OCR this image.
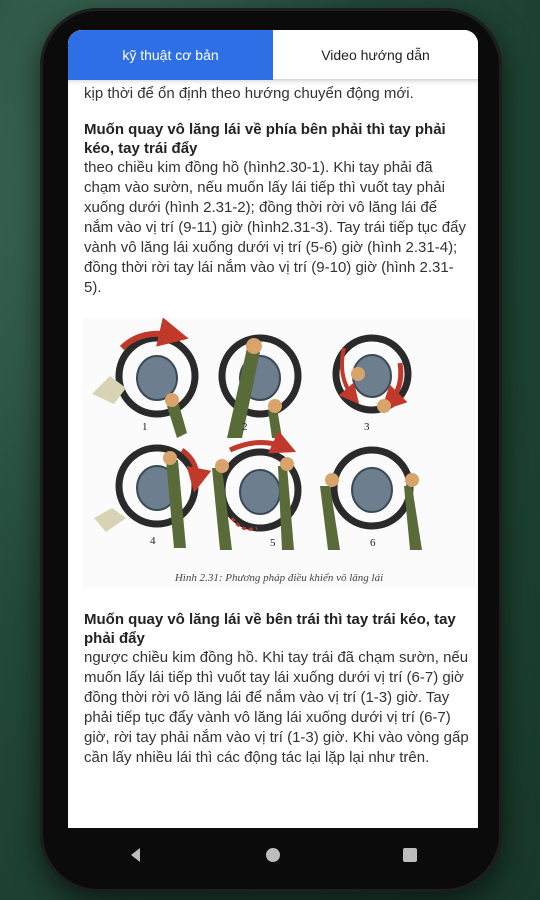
kỹ thuật cơ bản	Video hướng dẫn

kịp thời để ổn định theo hướng chuyển động mới.

Muốn quay vô lăng lái về phía bên phải thì tay phải kéo, tay trái đẩy

theo chiều kim đồng hồ (hình2.30-1). Khi tay phải đã chạm vào sườn, nếu muốn lấy lái tiếp thì vuốt tay phải xuống dưới (hình 2.31-2); đồng thời rời vô lăng lái để nắm vào vị trí (9-11) giờ (hình2.31-3). Tay trái tiếp tục đẩy vành vô lăng lái xuống dưới vị trí (5-6) giờ (hình 2.31-4); đồng thời rời tay lái nắm vào vị trí (9-10) giờ (hình 2.31-5).

1	2	3
4	5	6
Hình 2.31: Phương pháp điều khiển vô lăng lái
Muốn quay vô lăng lái về bên trái thì tay trái kéo, tay phải đẩy

ngược chiều kim đồng hồ. Khi tay trái đã chạm sườn, nếu muốn lấy lái tiếp thì vuốt tay lái xuống dưới vị trí (6-7) giờ đồng thời rời vô lăng lái để nắm vào vị trí (1-3) giờ. Tay phải tiếp tục đẩy vành vô lăng lái xuống dưới vị trí (6-7) giờ, rời tay phải nắm vào vị trí (1-3) giờ. Khi vào vòng gấp cần lấy nhiều lái thì các động tác lại lặp lại như trên.
